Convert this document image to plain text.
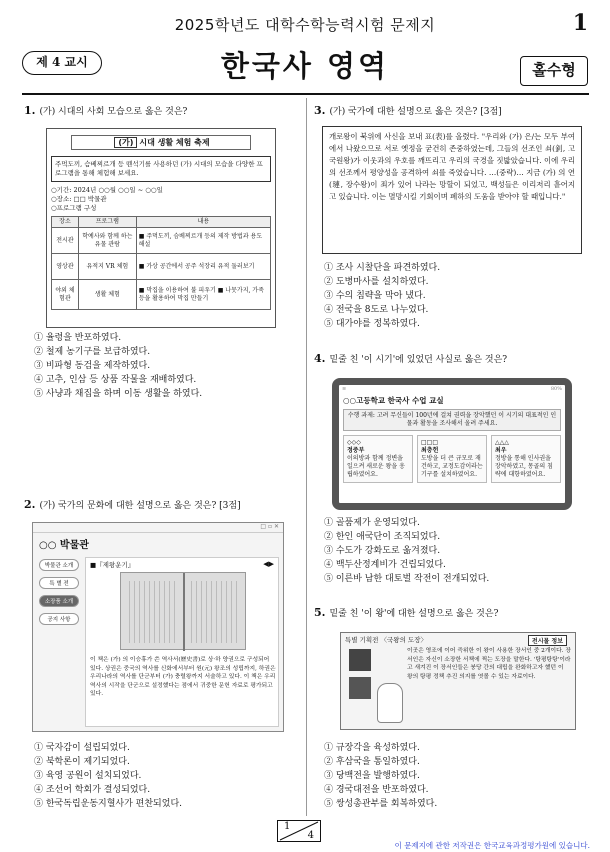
2025학년도 대학수학능력시험 문제지	1
제 4 교시	한국사 영역	홀수형
1. (가) 시대의 사회 모습으로 옳은 것은?
(가) 시대 생활 체험 축제
주먹도끼, 슴베찌르개 등 뗀석기를 사용하던 (가) 시대의 모습을 다양한 프로그램을 통해 체험해 보세요.
○기간: 2024년 ○○월 ○○일 ~ ○○일
○장소: □□ 박물관
○프로그램 구성
장소	프로그램	내용
전시관	학예사와 함께 하는 유물 관람	■ 주먹도끼, 슴베찌르개 등의 제작 방법과 용도 해설
영상관	유적지 VR 체험	■ 가상 공간에서 공주 석장리 유적 둘러보기
야외 체험관	생활 체험	■ 막집을 이용하여 불 피우기 ■ 나뭇가지, 가죽 등을 활용하여 막집 만들기
① 율령을 반포하였다.
② 철제 농기구를 보급하였다.
③ 비파형 동검을 제작하였다.
④ 고추, 인삼 등 상품 작물을 재배하였다.
⑤ 사냥과 채집을 하며 이동 생활을 하였다.
2. (가) 국가의 문화에 대한 설명으로 옳은 것은? [3점]
□ ▫ ✕
○○ 박물관
박물관 소개
특 별 전
소장품 소개
공지 사항
■『제왕운기』	◀▶
이 책은 (가) 의 이승휴가 쓴 역사서(歷史書)로 상·하 양권으로 구성되어 있다. 상권은 중국의 역사를 신화에서부터 원(元) 왕조의 성립까지, 하권은 우리나라의 역사를 단군부터 (가) 충렬왕까지 서술하고 있다. 이 책은 우리 역사의 시작을 단군으로 설정했다는 점에서 귀중한 문헌 자료로 평가되고 있다.
① 국자감이 설립되었다.
② 북학론이 제기되었다.
③ 육영 공원이 설치되었다.
④ 조선어 학회가 결성되었다.
⑤ 한국독립운동지혈사가 편찬되었다.
3. (가) 국가에 대한 설명으로 옳은 것은? [3점]
개로왕이 북위에 사신을 보내 표(表)를 올렸다. "우리와 (가) 은/는 모두 부여에서 나왔으므로 서로 옛정을 굳건히 존중하였는데, 그들의 선조인 쇠(釗, 고국원왕)가 이웃과의 우호를 깨뜨리고 우리의 국경을 짓밟았습니다. 이에 우리의 선조께서 평양성을 공격하여 쇠를 죽였습니다. …(중략)… 지금 (가) 의 연(璉, 장수왕)이 죄가 있어 나라는 망할이 되었고, 백성들은 이리저리 흩어지고 있습니다. 이는 멸망시킬 기회이며 폐하의 도움을 받아야 할 때입니다."
① 조사 시찰단을 파견하였다.
② 도병마사를 설치하였다.
③ 수의 침략을 막아 냈다.
④ 전국을 8도로 나누었다.
⑤ 대가야를 정복하였다.
4. 밑줄 친 '이 시기'에 있었던 사실로 옳은 것은?
≋	80%
○○고등학교 한국사 수업 교실
수행 과제: 고려 무신들이 100년에 걸쳐 권력을 장악했던 이 시기의 대표적인 인물과 활동을 조사해서 올려 주세요.
◇◇◇
정중부
이의방과 함께 정변을 일으켜 새로운 왕을 옹립하였어요.
□□□
최충헌
도방을 더 큰 규모로 재건하고, 교정도감이라는 기구를 설치하였어요.
△△△
최우
정방을 통해 인사권을 장악하였고, 몽골의 침략에 대항하였어요.
① 골품제가 운영되었다.
② 한인 애국단이 조직되었다.
③ 수도가 강화도로 옮겨졌다.
④ 백두산정계비가 건립되었다.
⑤ 이른바 남한 대토벌 작전이 전개되었다.
5. 밑줄 친 '이 왕'에 대한 설명으로 옳은 것은?
특별 기획전 〈국왕의 도장〉	전시물 정보
이곳은 영조에 이어 즉위한 이 왕이 사용한 장서인 중 2개이다. 장서인은 자신이 소장한 서책에 찍는 도장을 말한다. '탕평탕탕'이라고 새겨진 이 장서인들은 붕당 간의 대립을 완화하고자 했던 이 왕의 탕평 정책 추진 의지를 엿볼 수 있는 자료이다.
① 규장각을 육성하였다.
② 후삼국을 통일하였다.
③ 당백전을 발행하였다.
④ 경국대전을 반포하였다.
⑤ 쌍성총관부를 회복하였다.
1
4
이 문제지에 관한 저작권은 한국교육과정평가원에 있습니다.
